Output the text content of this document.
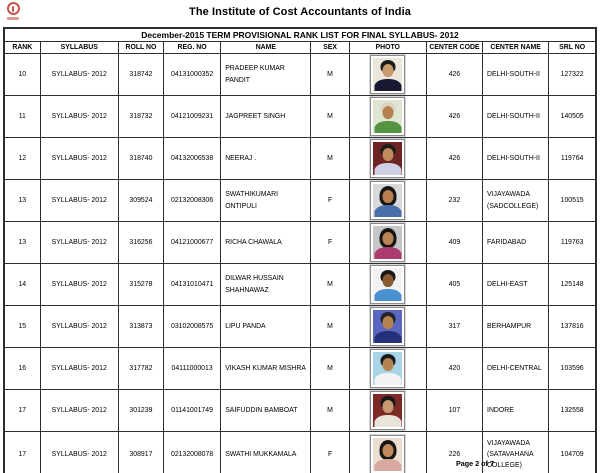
The Institute of Cost Accountants of India
December-2015 TERM PROVISIONAL RANK LIST FOR FINAL SYLLABUS- 2012									
RANK	SYLLABUS	ROLL NO	REG. NO	NAME	SEX	PHOTO	CENTER CODE	CENTER NAME	SRL NO
10	SYLLABUS- 2012	318742	04131000352	PRADEEP KUMAR PANDIT	M		426	DELHI-SOUTH-II	127322
11	SYLLABUS- 2012	318732	04121009231	JAGPREET SINGH	M		426	DELHI-SOUTH-II	140505
12	SYLLABUS- 2012	318740	04132006538	NEERAJ .	M		426	DELHI-SOUTH-II	119764
13	SYLLABUS- 2012	309524	02132008306	SWATHIKUMARI ONTIPULI	F		232	VIJAYAWADA (SADCOLLEGE)	100515
13	SYLLABUS- 2012	316256	04121000677	RICHA CHAWALA	F		409	FARIDABAD	119763
14	SYLLABUS- 2012	315278	04131010471	DILWAR HUSSAIN SHAHNAWAZ	M		405	DELHI-EAST	125148
15	SYLLABUS- 2012	313873	03102008575	LIPU PANDA	M		317	BERHAMPUR	137816
16	SYLLABUS- 2012	317782	04111000013	VIKASH KUMAR MISHRA	M		420	DELHI-CENTRAL	103596
17	SYLLABUS- 2012	301239	01141001749	SAIFUDDIN BAMBOAT	M		107	INDORE	132558
17	SYLLABUS- 2012	308917	02132008078	SWATHI MUKKAMALA	F		226	VIJAYAWADA (SATAVAHANA COLLEGE)	104709
Page 2 of 7
